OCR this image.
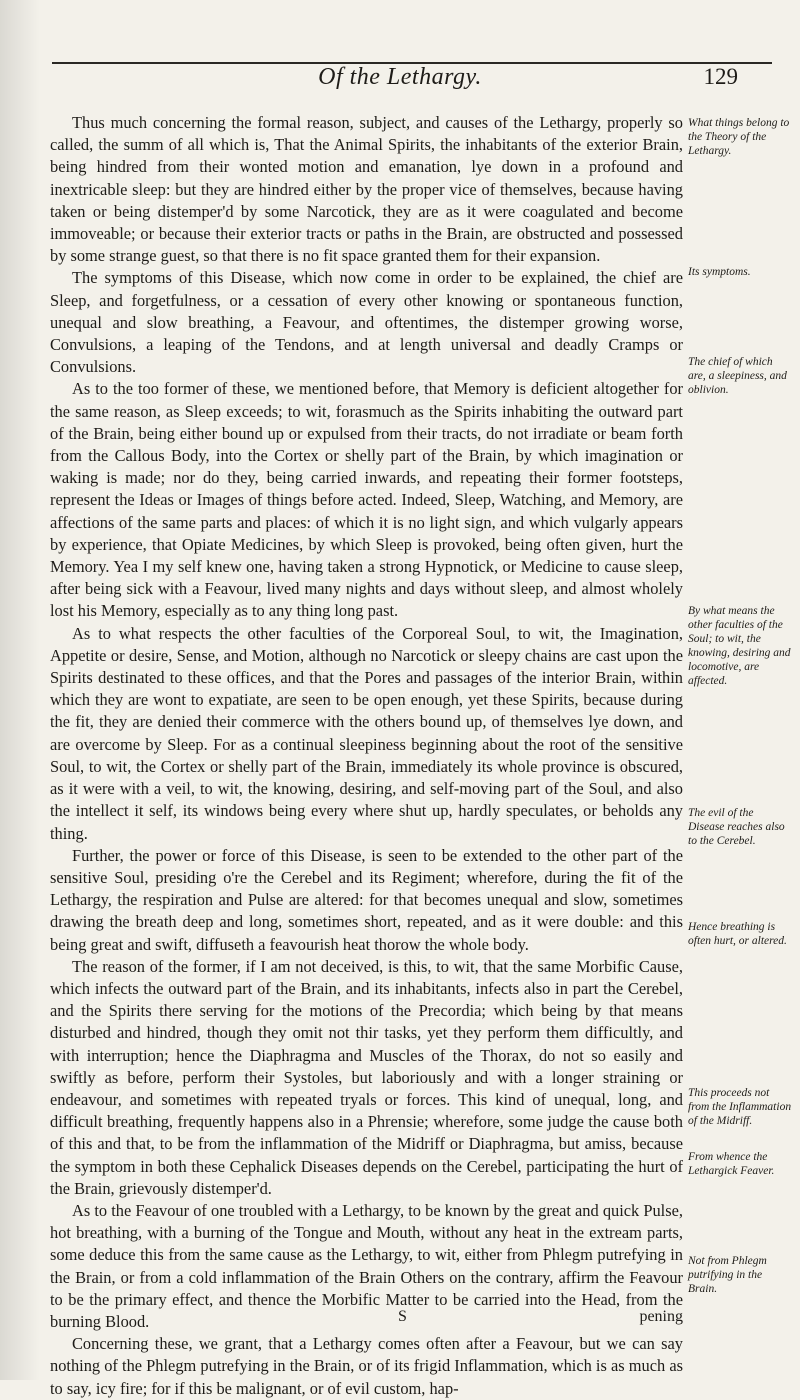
Of the Lethargy.	129

Thus much concerning the formal reason, subject, and causes of the Lethargy, properly so called, the summ of all which is, That the Animal Spirits, the inhabitants of the exterior Brain, being hindred from their wonted motion and emanation, lye down in a profound and inextricable sleep: but they are hindred either by the proper vice of themselves, because having taken or being distemper'd by some Narcotick, they are as it were coagulated and become immoveable; or because their exterior tracts or paths in the Brain, are obstructed and possessed by some strange guest, so that there is no fit space granted them for their expansion.

The symptoms of this Disease, which now come in order to be explained, the chief are Sleep, and forgetfulness, or a cessation of every other knowing or spontaneous function, unequal and slow breathing, a Feavour, and oftentimes, the distemper growing worse, Convulsions, a leaping of the Tendons, and at length universal and deadly Cramps or Convulsions.

As to the too former of these, we mentioned before, that Memory is deficient altogether for the same reason, as Sleep exceeds; to wit, forasmuch as the Spirits inhabiting the outward part of the Brain, being either bound up or expulsed from their tracts, do not irradiate or beam forth from the Callous Body, into the Cortex or shelly part of the Brain, by which imagination or waking is made; nor do they, being carried inwards, and repeating their former footsteps, represent the Ideas or Images of things before acted. Indeed, Sleep, Watching, and Memory, are affections of the same parts and places: of which it is no light sign, and which vulgarly appears by experience, that Opiate Medicines, by which Sleep is provoked, being often given, hurt the Memory. Yea I my self knew one, having taken a strong Hypnotick, or Medicine to cause sleep, after being sick with a Feavour, lived many nights and days without sleep, and almost wholely lost his Memory, especially as to any thing long past.

As to what respects the other faculties of the Corporeal Soul, to wit, the Imagination, Appetite or desire, Sense, and Motion, although no Narcotick or sleepy chains are cast upon the Spirits destinated to these offices, and that the Pores and passages of the interior Brain, within which they are wont to expatiate, are seen to be open enough, yet these Spirits, because during the fit, they are denied their commerce with the others bound up, of themselves lye down, and are overcome by Sleep. For as a continual sleepiness beginning about the root of the sensitive Soul, to wit, the Cortex or shelly part of the Brain, immediately its whole province is obscured, as it were with a veil, to wit, the knowing, desiring, and self-moving part of the Soul, and also the intellect it self, its windows being every where shut up, hardly speculates, or beholds any thing.

Further, the power or force of this Disease, is seen to be extended to the other part of the sensitive Soul, presiding o're the Cerebel and its Regiment; wherefore, during the fit of the Lethargy, the respiration and Pulse are altered: for that becomes unequal and slow, sometimes drawing the breath deep and long, sometimes short, repeated, and as it were double: and this being great and swift, diffuseth a feavourish heat thorow the whole body.

The reason of the former, if I am not deceived, is this, to wit, that the same Morbific Cause, which infects the outward part of the Brain, and its inhabitants, infects also in part the Cerebel, and the Spirits there serving for the motions of the Precordia; which being by that means disturbed and hindred, though they omit not thir tasks, yet they perform them difficultly, and with interruption; hence the Diaphragma and Muscles of the Thorax, do not so easily and swiftly as before, perform their Systoles, but laboriously and with a longer straining or endeavour, and sometimes with repeated tryals or forces. This kind of unequal, long, and difficult breathing, frequently happens also in a Phrensie; wherefore, some judge the cause both of this and that, to be from the inflammation of the Midriff or Diaphragma, but amiss, because the symptom in both these Cephalick Diseases depends on the Cerebel, participating the hurt of the Brain, grievously distemper'd.

As to the Feavour of one troubled with a Lethargy, to be known by the great and quick Pulse, hot breathing, with a burning of the Tongue and Mouth, without any heat in the extream parts, some deduce this from the same cause as the Lethargy, to wit, either from Phlegm putrefying in the Brain, or from a cold inflammation of the Brain Others on the contrary, affirm the Feavour to be the primary effect, and thence the Morbific Matter to be carried into the Head, from the burning Blood.

Concerning these, we grant, that a Lethargy comes often after a Feavour, but we can say nothing of the Phlegm putrefying in the Brain, or of its frigid Inflammation, which is as much as to say, icy fire; for if this be malignant, or of evil custom, hap-

What things belong to the Theory of the Lethargy.
Its symptoms.
The chief of which are, a sleepiness, and oblivion.
By what means the other faculties of the Soul; to wit, the knowing, desiring and locomotive, are affected.
The evil of the Disease reaches also to the Cerebel.
Hence breathing is often hurt, or altered.
This proceeds not from the Inflammation of the Midriff.
From whence the Lethargick Feaver.
Not from Phlegm putrifying in the Brain.
S	pening
